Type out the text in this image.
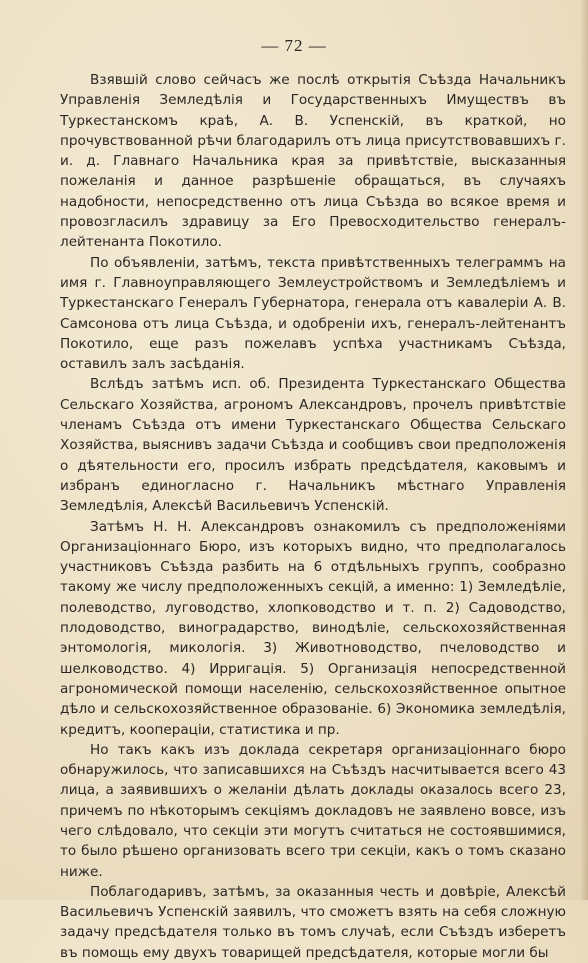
— 72 —

Взявшій слово сейчасъ же послѣ открытія Съѣзда Начальникъ Управленія Земледѣлія и Государственныхъ Имуществъ въ Туркестанскомъ краѣ, А. В. Успенскій, въ краткой, но прочувствованной рѣчи благодарилъ отъ лица присутствовавшихъ г. и. д. Главнаго Начальника края за привѣтствіе, высказанныя пожеланія и данное разрѣшеніе обращаться, въ случаяхъ надобности, непосредственно отъ лица Съѣзда во всякое время и провозгласилъ здравицу за Его Превосходительство генералъ-лейтенанта Покотило.

По объявленіи, затѣмъ, текста привѣтственныхъ телеграммъ на имя г. Главноуправляющего Землеустройствомъ и Земледѣліемъ и Туркестанскаго Генералъ Губернатора, генерала отъ кавалеріи А. В. Самсонова отъ лица Съѣзда, и одобреніи ихъ, генералъ-лейтенантъ Покотило, еще разъ пожелавъ успѣха участникамъ Съѣзда, оставилъ залъ засѣданія.

Вслѣдъ затѣмъ исп. об. Президента Туркестанскаго Общества Сельскаго Хозяйства, агрономъ Александровъ, прочелъ привѣтствіе членамъ Съѣзда отъ имени Туркестанскаго Общества Сельскаго Хозяйства, выяснивъ задачи Съѣзда и сообщивъ свои предположенія о дѣятельности его, просилъ избрать предсѣдателя, каковымъ и избранъ единогласно г. Начальникъ мѣстнаго Управленія Земледѣлія, Алексѣй Васильевичъ Успенскій.

Затѣмъ Н. Н. Александровъ ознакомилъ съ предположеніями Организаціоннаго Бюро, изъ которыхъ видно, что предполагалось участниковъ Съѣзда разбить на 6 отдѣльныхъ группъ, сообразно такому же числу предположенныхъ секцій, а именно: 1) Земледѣліе, полеводство, луговодство, хлопководство и т. п. 2) Садоводство, плодоводство, виноградарство, винодѣліе, сельскохозяйственная энтомологія, микологія. 3) Животноводство, пчеловодство и шелководство. 4) Ирригація. 5) Организація непосредственной агрономической помощи населенію, сельскохозяйственное опытное дѣло и сельскохозяйственное образованіе. 6) Экономика земледѣлія, кредитъ, коопераціи, статистика и пр.

Но такъ какъ изъ доклада секретаря организаціоннаго бюро обнаружилось, что записавшихся на Съѣздъ насчитывается всего 43 лица, а заявившихъ о желаніи дѣлать доклады оказалось всего 23, причемъ по нѣкоторымъ секціямъ докладовъ не заявлено вовсе, изъ чего слѣдовало, что секціи эти могутъ считаться не состоявшимися, то было рѣшено организовать всего три секціи, какъ о томъ сказано ниже.

Поблагодаривъ, затѣмъ, за оказанныя честь и довѣріе, Алексѣй Васильевичъ Успенскій заявилъ, что сможетъ взять на себя сложную задачу предсѣдателя только въ томъ случаѣ, если Съѣздъ изберетъ въ помощь ему двухъ товарищей предсѣдателя, которые могли бы
